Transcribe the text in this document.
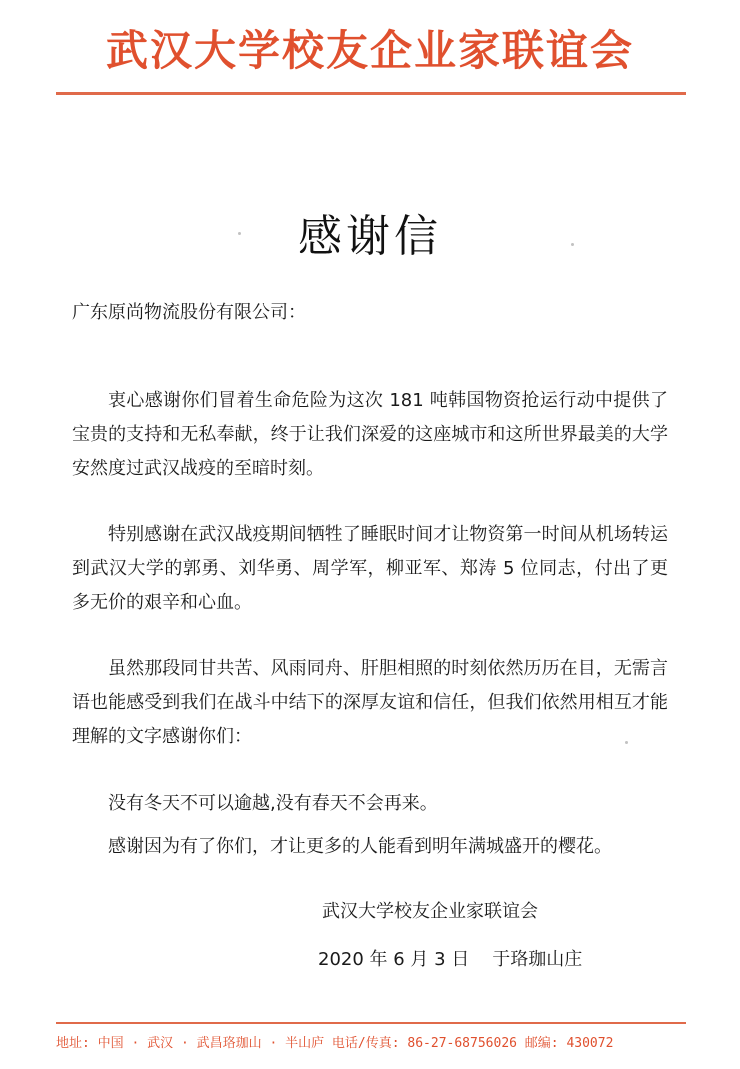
武汉大学校友企业家联谊会
感谢信
广东原尚物流股份有限公司：

衷心感谢你们冒着生命危险为这次 181 吨韩国物资抢运行动中提供了宝贵的支持和无私奉献，终于让我们深爱的这座城市和这所世界最美的大学安然度过武汉战疫的至暗时刻。

特别感谢在武汉战疫期间牺牲了睡眠时间才让物资第一时间从机场转运到武汉大学的郭勇、刘华勇、周学军，柳亚军、郑涛 5 位同志，付出了更多无价的艰辛和心血。

虽然那段同甘共苦、风雨同舟、肝胆相照的时刻依然历历在目，无需言语也能感受到我们在战斗中结下的深厚友谊和信任，但我们依然用相互才能理解的文字感谢你们：

没有冬天不可以逾越,没有春天不会再来。

感谢因为有了你们，才让更多的人能看到明年满城盛开的樱花。

武汉大学校友企业家联谊会
2020 年 6 月 3 日    于珞珈山庄
地址: 中国 · 武汉 · 武昌珞珈山 · 半山庐 电话/传真: 86-27-68756026 邮编: 430072
